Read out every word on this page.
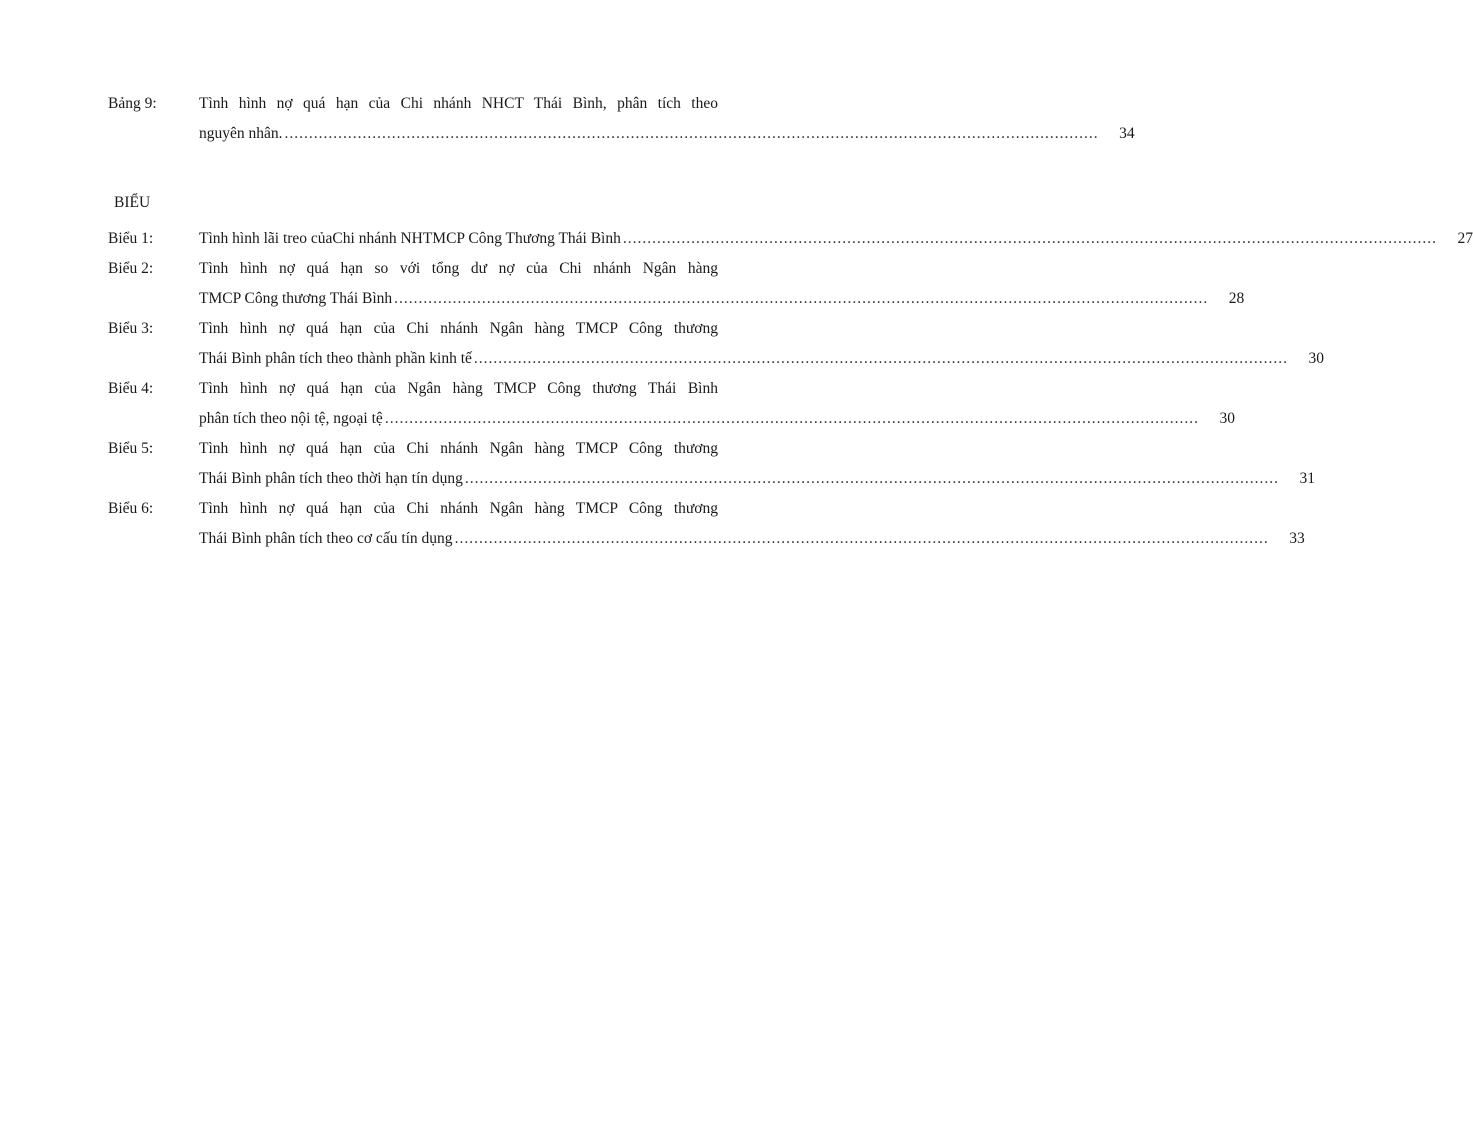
Bảng 9:	Tình hình nợ quá hạn của Chi nhánh NHCT Thái Bình, phân tích theo
nguyên nhân. .......................................................................................................................................................................	34
BIỂU
Biểu 1:	Tình hình lãi treo củaChi nhánh NHTMCP Công Thương Thái Bình .......................................................................................................................................................................	27
Biểu 2:	Tình hình nợ quá hạn so với tổng dư nợ của Chi nhánh Ngân hàng
TMCP Công thương Thái Bình .......................................................................................................................................................................	28
Biểu 3:	Tình hình nợ quá hạn của Chi nhánh Ngân hàng TMCP Công thương
Thái Bình phân tích theo thành phần kinh tế .......................................................................................................................................................................	30
Biểu 4:	Tình hình nợ quá hạn của Ngân hàng TMCP Công thương Thái Bình
phân tích theo nội tệ, ngoại tệ .......................................................................................................................................................................	30
Biểu 5:	Tình hình nợ quá hạn của Chi nhánh Ngân hàng TMCP Công thương
Thái Bình phân tích theo thời hạn tín dụng .......................................................................................................................................................................	31
Biểu 6:	Tình hình nợ quá hạn của Chi nhánh Ngân hàng TMCP Công thương
Thái Bình phân tích theo cơ cấu tín dụng .......................................................................................................................................................................	33
